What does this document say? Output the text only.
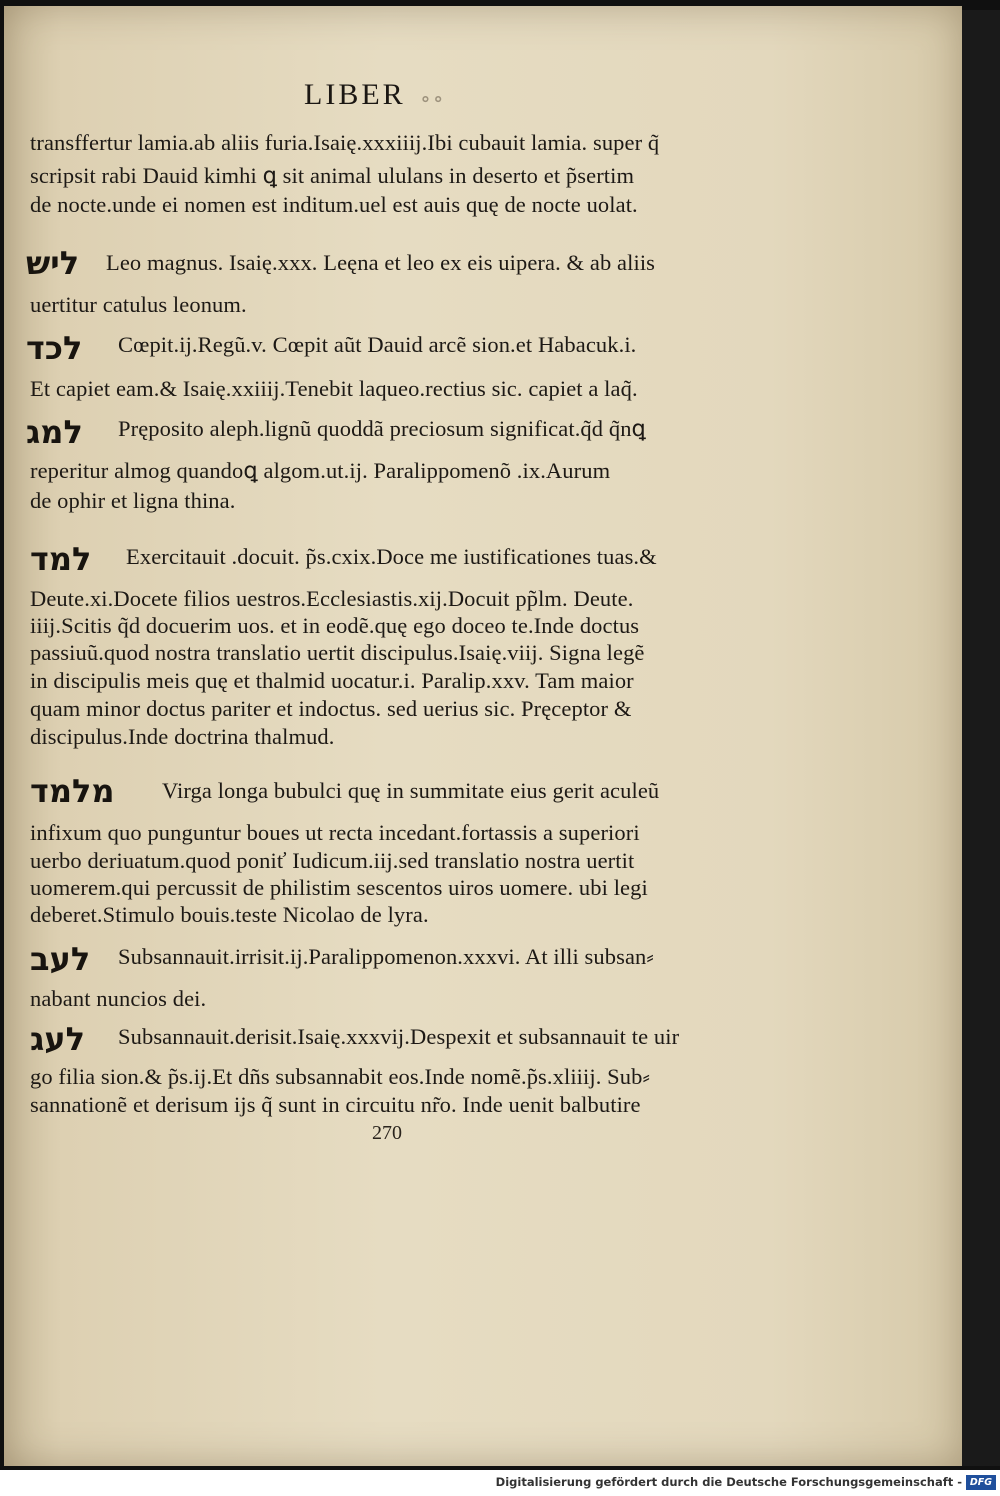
LIBER ∘∘
transffertur lamia.ab aliis furia.Isaię.xxxiiij.Ibi cubauit lamia. super q̃
scripsit rabi Dauid kimhi ꝗ sit animal ululans in deserto et p̃sertim
de nocte.unde ei nomen est inditum.uel est auis quę de nocte uolat.
ליש Leo magnus. Isaię.xxx. Leęna et leo ex eis uipera. & ab aliis
uertitur catulus leonum.
לכד Cœpit.ij.Regũ.v. Cœpit aũt Dauid arcẽ sion.et Habacuk.i.
Et capiet eam.& Isaię.xxiiij.Tenebit laqueo.rectius sic. capiet a laq̃.
למג Pręposito aleph.lignũ quoddã preciosum significat.q̃d q̃nꝗ
reperitur almog quandoꝗ algom.ut.ij. Paralippomenõ .ix.Aurum
de ophir et ligna thina.
למד Exercitauit .docuit. p̃s.cxix.Doce me iustificationes tuas.&
Deute.xi.Docete filios uestros.Ecclesiastis.xij.Docuit pp̃lm. Deute.
iiij.Scitis q̃d docuerim uos. et in eodẽ.quę ego doceo te.Inde doctus
passiuũ.quod nostra translatio uertit discipulus.Isaię.viij. Signa legẽ
in discipulis meis quę et thalmid uocatur.i. Paralip.xxv. Tam maior
quam minor doctus pariter et indoctus. sed uerius sic. Pręceptor &
discipulus.Inde doctrina thalmud.
מלמד Virga longa bubulci quę in summitate eius gerit aculeũ
infixum quo punguntur boues ut recta incedant.fortassis a superiori
uerbo deriuatum.quod poniť Iudicum.iij.sed translatio nostra uertit
uomerem.qui percussit de philistim sescentos uiros uomere. ubi legi
deberet.Stimulo bouis.teste Nicolao de lyra.
לעב Subsannauit.irrisit.ij.Paralippomenon.xxxvi. At illi subsan⸗
nabant nuncios dei.
לעג Subsannauit.derisit.Isaię.xxxvij.Despexit et subsannauit te uir
go filia sion.& p̃s.ij.Et dñs subsannabit eos.Inde nomẽ.p̃s.xliiij. Sub⸗
sannationẽ et derisum ijs q̃ sunt in circuitu nr̃o. Inde uenit balbutire
270
Digitalisierung gefördert durch die Deutsche Forschungsgemeinschaft - DFG
